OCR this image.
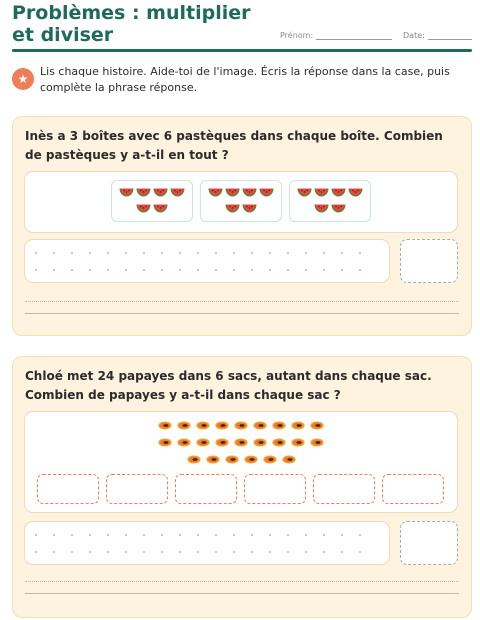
Problèmes : multiplier et diviser	Prénom:	Date:
★
Lis chaque histoire. Aide-toi de l'image. Écris la réponse dans la case, puis complète la phrase réponse.
Inès a 3 boîtes avec 6 pastèques dans chaque boîte. Combien de pastèques y a-t-il en tout ?
Chloé met 24 papayes dans 6 sacs, autant dans chaque sac. Combien de papayes y a-t-il dans chaque sac ?
